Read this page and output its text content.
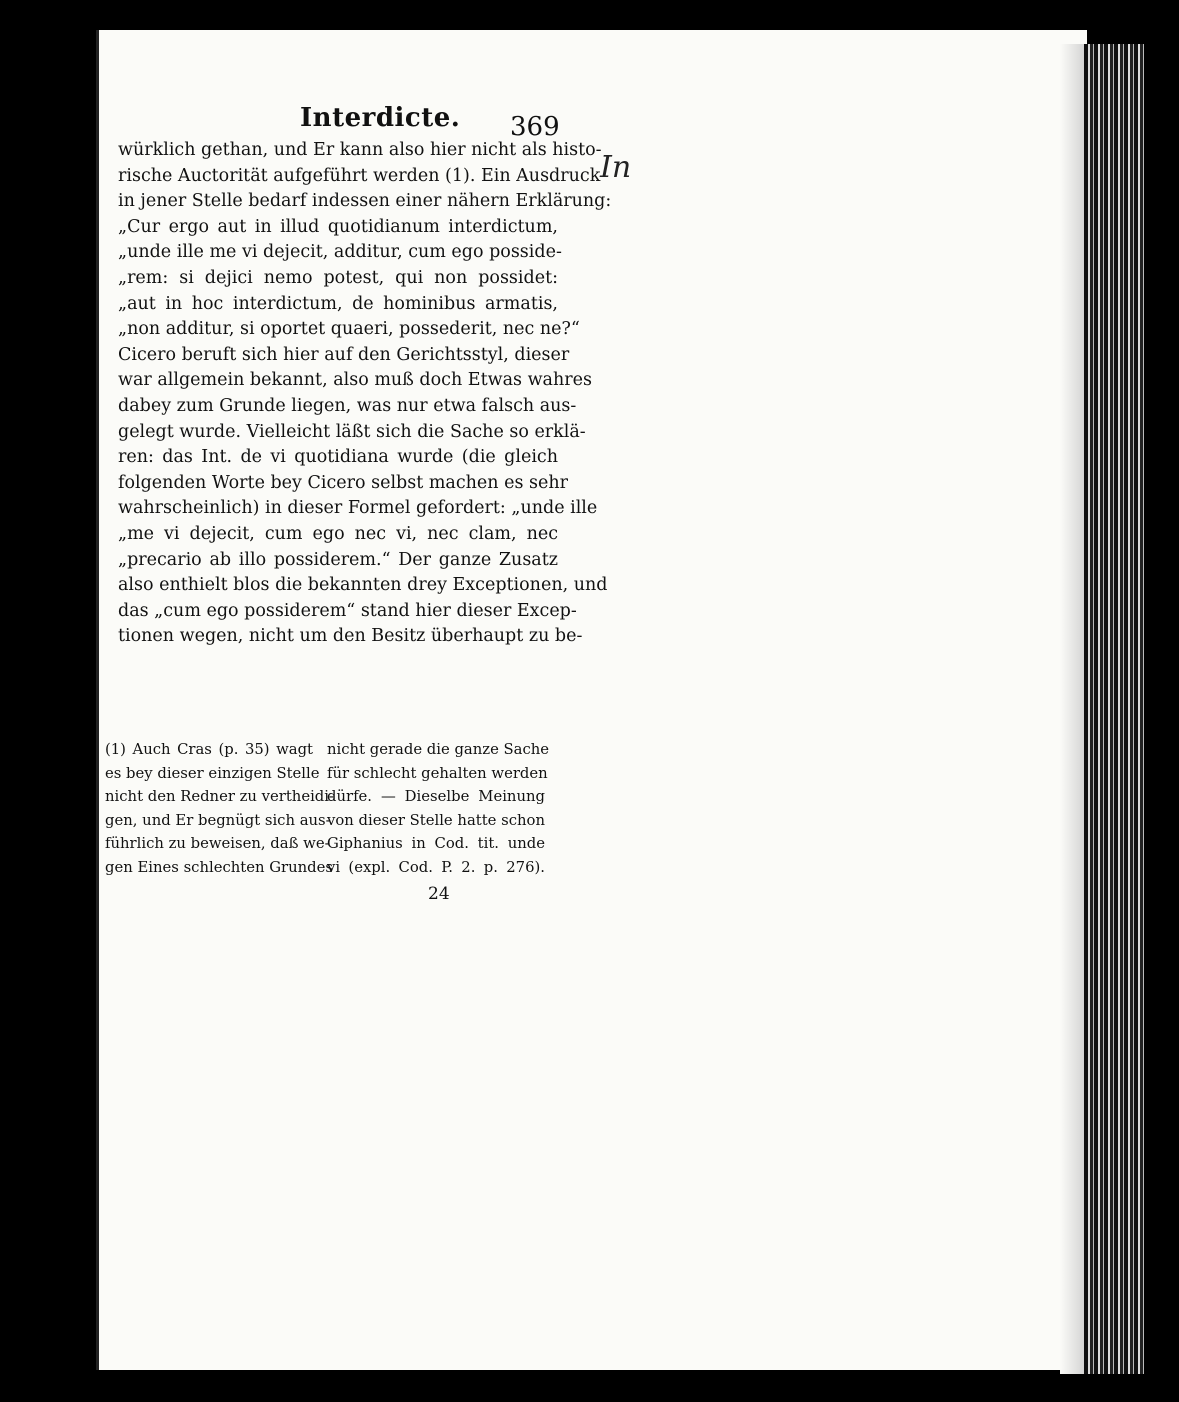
Interdicte. 369
In
würklich gethan, und Er kann also hier nicht als histo-
rische Auctorität aufgeführt werden (1). Ein Ausdruck
in jener Stelle bedarf indessen einer nähern Erklärung:
„Cur ergo aut in illud quotidianum interdictum,
„unde ille me vi dejecit, additur, cum ego posside-
„rem: si dejici nemo potest, qui non possidet:
„aut in hoc interdictum, de hominibus armatis,
„non additur, si oportet quaeri, possederit, nec ne?“
Cicero beruft sich hier auf den Gerichtsstyl, dieser
war allgemein bekannt, also muß doch Etwas wahres
dabey zum Grunde liegen, was nur etwa falsch aus-
gelegt wurde. Vielleicht läßt sich die Sache so erklä-
ren: das Int. de vi quotidiana wurde (die gleich
folgenden Worte bey Cicero selbst machen es sehr
wahrscheinlich) in dieser Formel gefordert: „unde ille
„me vi dejecit, cum ego nec vi, nec clam, nec
„precario ab illo possiderem.“ Der ganze Zusatz
also enthielt blos die bekannten drey Exceptionen, und
das „cum ego possiderem“ stand hier dieser Excep-
tionen wegen, nicht um den Besitz überhaupt zu be-
(1) Auch Cras (p. 35) wagt
es bey dieser einzigen Stelle
nicht den Redner zu vertheidi-
gen, und Er begnügt sich aus-
führlich zu beweisen, daß we-
gen Eines schlechten Grundes
nicht gerade die ganze Sache
für schlecht gehalten werden
dürfe. — Dieselbe Meinung
von dieser Stelle hatte schon
Giphanius in Cod. tit. unde
vi (expl. Cod. P. 2. p. 276).
24
